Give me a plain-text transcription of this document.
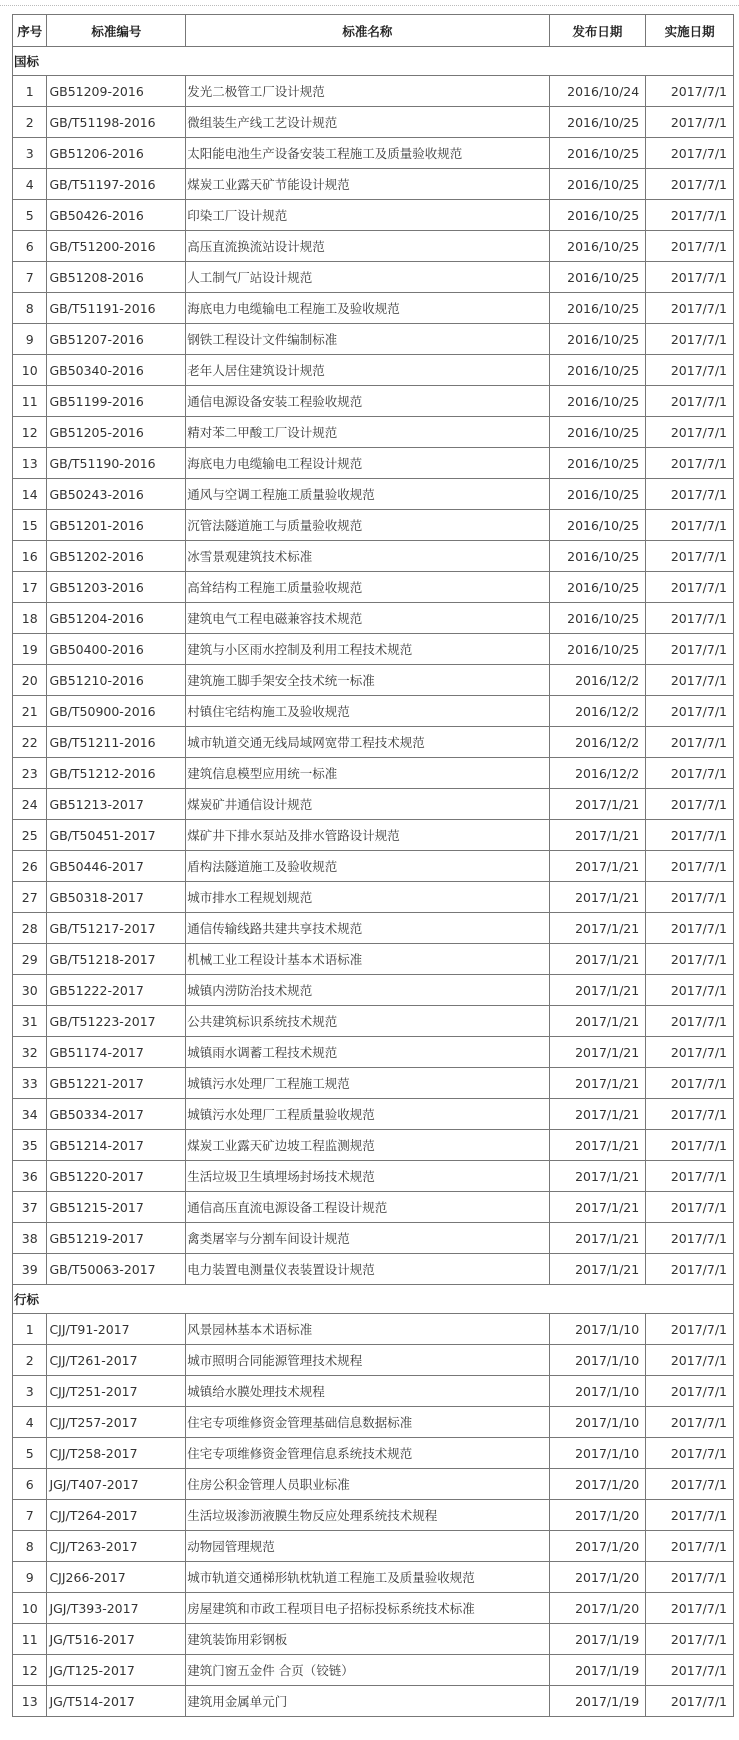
序号	标准编号	标准名称	发布日期	实施日期
国标				
1	GB51209-2016	发光二极管工厂设计规范	2016/10/24	2017/7/1
2	GB/T51198-2016	微组装生产线工艺设计规范	2016/10/25	2017/7/1
3	GB51206-2016	太阳能电池生产设备安装工程施工及质量验收规范	2016/10/25	2017/7/1
4	GB/T51197-2016	煤炭工业露天矿节能设计规范	2016/10/25	2017/7/1
5	GB50426-2016	印染工厂设计规范	2016/10/25	2017/7/1
6	GB/T51200-2016	高压直流换流站设计规范	2016/10/25	2017/7/1
7	GB51208-2016	人工制气厂站设计规范	2016/10/25	2017/7/1
8	GB/T51191-2016	海底电力电缆输电工程施工及验收规范	2016/10/25	2017/7/1
9	GB51207-2016	钢铁工程设计文件编制标准	2016/10/25	2017/7/1
10	GB50340-2016	老年人居住建筑设计规范	2016/10/25	2017/7/1
11	GB51199-2016	通信电源设备安装工程验收规范	2016/10/25	2017/7/1
12	GB51205-2016	精对苯二甲酸工厂设计规范	2016/10/25	2017/7/1
13	GB/T51190-2016	海底电力电缆输电工程设计规范	2016/10/25	2017/7/1
14	GB50243-2016	通风与空调工程施工质量验收规范	2016/10/25	2017/7/1
15	GB51201-2016	沉管法隧道施工与质量验收规范	2016/10/25	2017/7/1
16	GB51202-2016	冰雪景观建筑技术标准	2016/10/25	2017/7/1
17	GB51203-2016	高耸结构工程施工质量验收规范	2016/10/25	2017/7/1
18	GB51204-2016	建筑电气工程电磁兼容技术规范	2016/10/25	2017/7/1
19	GB50400-2016	建筑与小区雨水控制及利用工程技术规范	2016/10/25	2017/7/1
20	GB51210-2016	建筑施工脚手架安全技术统一标准	2016/12/2	2017/7/1
21	GB/T50900-2016	村镇住宅结构施工及验收规范	2016/12/2	2017/7/1
22	GB/T51211-2016	城市轨道交通无线局域网宽带工程技术规范	2016/12/2	2017/7/1
23	GB/T51212-2016	建筑信息模型应用统一标准	2016/12/2	2017/7/1
24	GB51213-2017	煤炭矿井通信设计规范	2017/1/21	2017/7/1
25	GB/T50451-2017	煤矿井下排水泵站及排水管路设计规范	2017/1/21	2017/7/1
26	GB50446-2017	盾构法隧道施工及验收规范	2017/1/21	2017/7/1
27	GB50318-2017	城市排水工程规划规范	2017/1/21	2017/7/1
28	GB/T51217-2017	通信传输线路共建共享技术规范	2017/1/21	2017/7/1
29	GB/T51218-2017	机械工业工程设计基本术语标准	2017/1/21	2017/7/1
30	GB51222-2017	城镇内涝防治技术规范	2017/1/21	2017/7/1
31	GB/T51223-2017	公共建筑标识系统技术规范	2017/1/21	2017/7/1
32	GB51174-2017	城镇雨水调蓄工程技术规范	2017/1/21	2017/7/1
33	GB51221-2017	城镇污水处理厂工程施工规范	2017/1/21	2017/7/1
34	GB50334-2017	城镇污水处理厂工程质量验收规范	2017/1/21	2017/7/1
35	GB51214-2017	煤炭工业露天矿边坡工程监测规范	2017/1/21	2017/7/1
36	GB51220-2017	生活垃圾卫生填埋场封场技术规范	2017/1/21	2017/7/1
37	GB51215-2017	通信高压直流电源设备工程设计规范	2017/1/21	2017/7/1
38	GB51219-2017	禽类屠宰与分割车间设计规范	2017/1/21	2017/7/1
39	GB/T50063-2017	电力装置电测量仪表装置设计规范	2017/1/21	2017/7/1
行标				
1	CJJ/T91-2017	风景园林基本术语标准	2017/1/10	2017/7/1
2	CJJ/T261-2017	城市照明合同能源管理技术规程	2017/1/10	2017/7/1
3	CJJ/T251-2017	城镇给水膜处理技术规程	2017/1/10	2017/7/1
4	CJJ/T257-2017	住宅专项维修资金管理基础信息数据标准	2017/1/10	2017/7/1
5	CJJ/T258-2017	住宅专项维修资金管理信息系统技术规范	2017/1/10	2017/7/1
6	JGJ/T407-2017	住房公积金管理人员职业标准	2017/1/20	2017/7/1
7	CJJ/T264-2017	生活垃圾渗沥液膜生物反应处理系统技术规程	2017/1/20	2017/7/1
8	CJJ/T263-2017	动物园管理规范	2017/1/20	2017/7/1
9	CJJ266-2017	城市轨道交通梯形轨枕轨道工程施工及质量验收规范	2017/1/20	2017/7/1
10	JGJ/T393-2017	房屋建筑和市政工程项目电子招标投标系统技术标准	2017/1/20	2017/7/1
11	JG/T516-2017	建筑装饰用彩钢板	2017/1/19	2017/7/1
12	JG/T125-2017	建筑门窗五金件 合页（铰链）	2017/1/19	2017/7/1
13	JG/T514-2017	建筑用金属单元门	2017/1/19	2017/7/1
